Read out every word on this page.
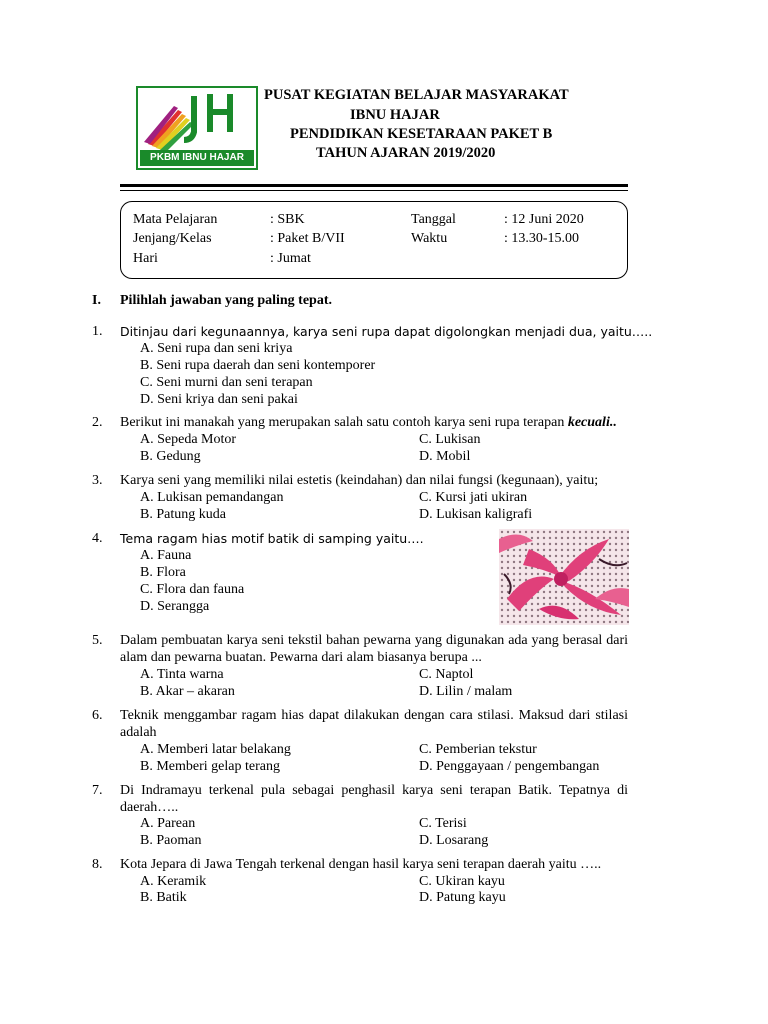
PKBM IBNU HAJAR
PUSAT KEGIATAN BELAJAR MASYARAKAT
IBNU HAJAR
PENDIDIKAN KESETARAAN PAKET B
TAHUN AJARAN 2019/2020
Mata Pelajaran	: SBK	Tanggal	: 12 Juni 2020
Jenjang/Kelas	: Paket B/VII	Waktu	: 13.30-15.00
Hari	: Jumat
I. Pilihlah jawaban yang paling tepat.
1. Ditinjau dari kegunaannya, karya seni rupa dapat digolongkan menjadi dua, yaitu…..
A. Seni rupa dan seni kriya
B. Seni rupa daerah dan seni kontemporer
C. Seni murni dan seni terapan
D. Seni kriya dan seni pakai
2. Berikut ini manakah yang merupakan salah satu contoh karya seni rupa terapan kecuali..
A. Sepeda Motor
B. Gedung
C. Lukisan
D. Mobil
3. Karya seni yang memiliki nilai estetis (keindahan) dan nilai fungsi (kegunaan), yaitu;
A. Lukisan pemandangan
B. Patung kuda
C. Kursi jati ukiran
D. Lukisan kaligrafi
4. Tema ragam hias motif batik di samping yaitu….
A. Fauna
B. Flora
C. Flora dan fauna
D. Serangga
5. Dalam pembuatan karya seni tekstil bahan pewarna yang digunakan ada yang berasal dari
alam dan pewarna buatan. Pewarna dari alam biasanya berupa ...
A. Tinta warna
B. Akar – akaran
C. Naptol
D. Lilin / malam
6. Teknik menggambar ragam hias dapat dilakukan dengan cara stilasi. Maksud dari stilasi
adalah
A. Memberi latar belakang
B. Memberi gelap terang
C. Pemberian tekstur
D. Penggayaan / pengembangan
7. Di Indramayu terkenal pula sebagai penghasil karya seni terapan Batik. Tepatnya di
daerah…..
A. Parean
B. Paoman
C. Terisi
D. Losarang
8. Kota Jepara di Jawa Tengah terkenal dengan hasil karya seni terapan daerah yaitu …..
A. Keramik
B. Batik
C. Ukiran kayu
D. Patung kayu
